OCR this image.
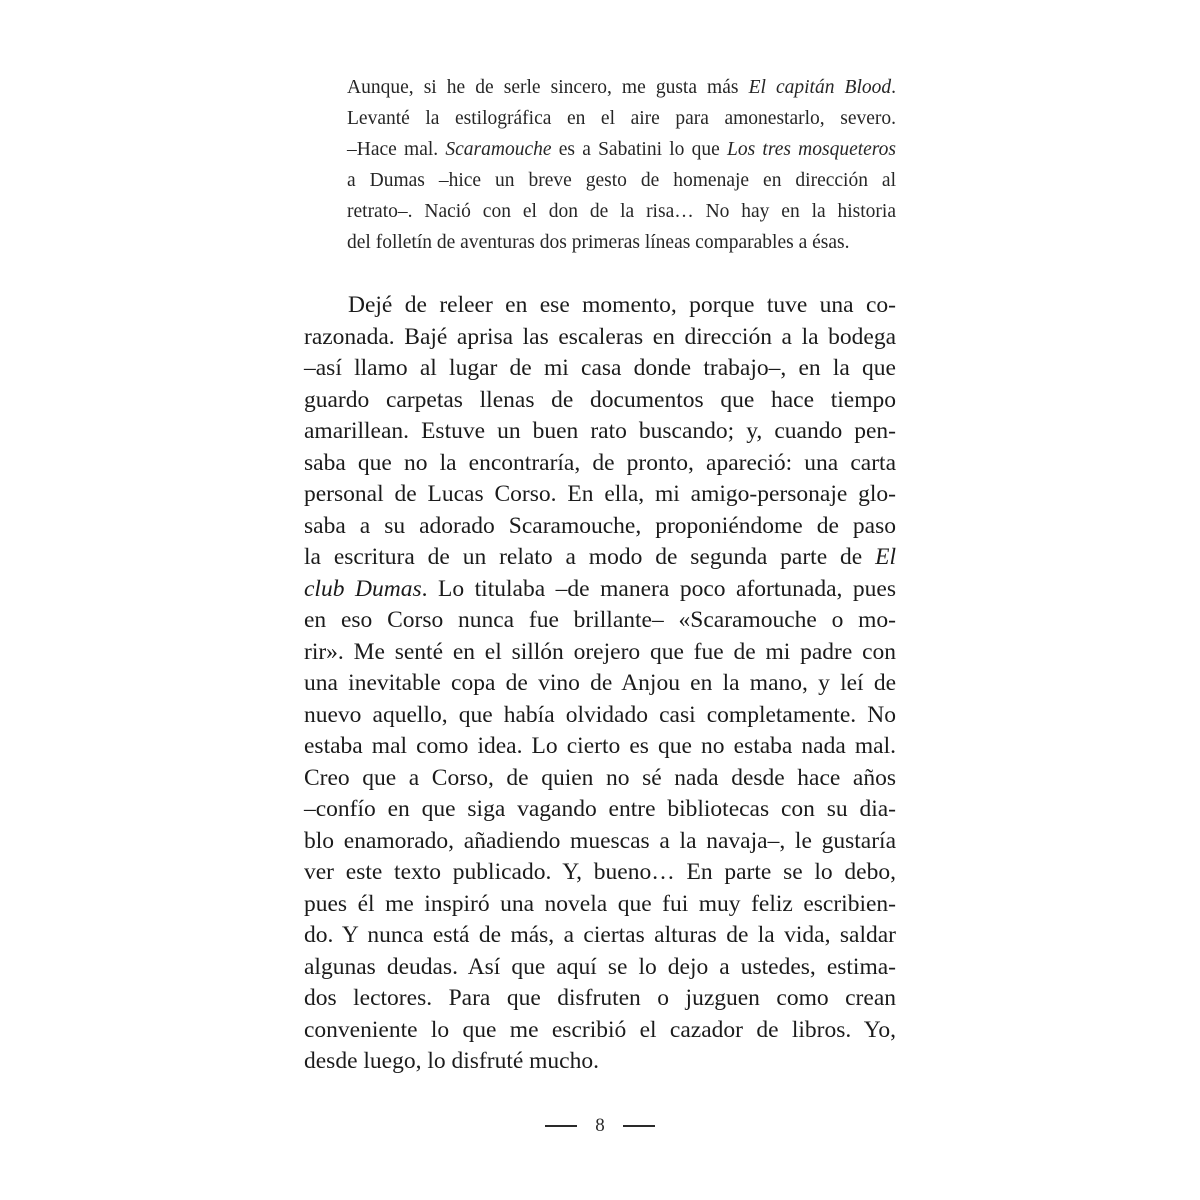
Aunque, si he de serle sincero, me gusta más El capitán Blood.
Levanté la estilográfica en el aire para amonestarlo, severo.
–Hace mal. Scaramouche es a Sabatini lo que Los tres mosqueteros
a Dumas –hice un breve gesto de homenaje en dirección al
retrato–. Nació con el don de la risa… No hay en la historia
del folletín de aventuras dos primeras líneas comparables a ésas.
Dejé de releer en ese momento, porque tuve una co-
razonada. Bajé aprisa las escaleras en dirección a la bodega
–así llamo al lugar de mi casa donde trabajo–, en la que
guardo carpetas llenas de documentos que hace tiempo
amarillean. Estuve un buen rato buscando; y, cuando pen-
saba que no la encontraría, de pronto, apareció: una carta
personal de Lucas Corso. En ella, mi amigo-personaje glo-
saba a su adorado Scaramouche, proponiéndome de paso
la escritura de un relato a modo de segunda parte de El
club Dumas. Lo titulaba –de manera poco afortunada, pues
en eso Corso nunca fue brillante– «Scaramouche o mo-
rir». Me senté en el sillón orejero que fue de mi padre con
una inevitable copa de vino de Anjou en la mano, y leí de
nuevo aquello, que había olvidado casi completamente. No
estaba mal como idea. Lo cierto es que no estaba nada mal.
Creo que a Corso, de quien no sé nada desde hace años
–confío en que siga vagando entre bibliotecas con su dia-
blo enamorado, añadiendo muescas a la navaja–, le gustaría
ver este texto publicado. Y, bueno… En parte se lo debo,
pues él me inspiró una novela que fui muy feliz escribien-
do. Y nunca está de más, a ciertas alturas de la vida, saldar
algunas deudas. Así que aquí se lo dejo a ustedes, estima-
dos lectores. Para que disfruten o juzguen como crean
conveniente lo que me escribió el cazador de libros. Yo,
desde luego, lo disfruté mucho.
8
